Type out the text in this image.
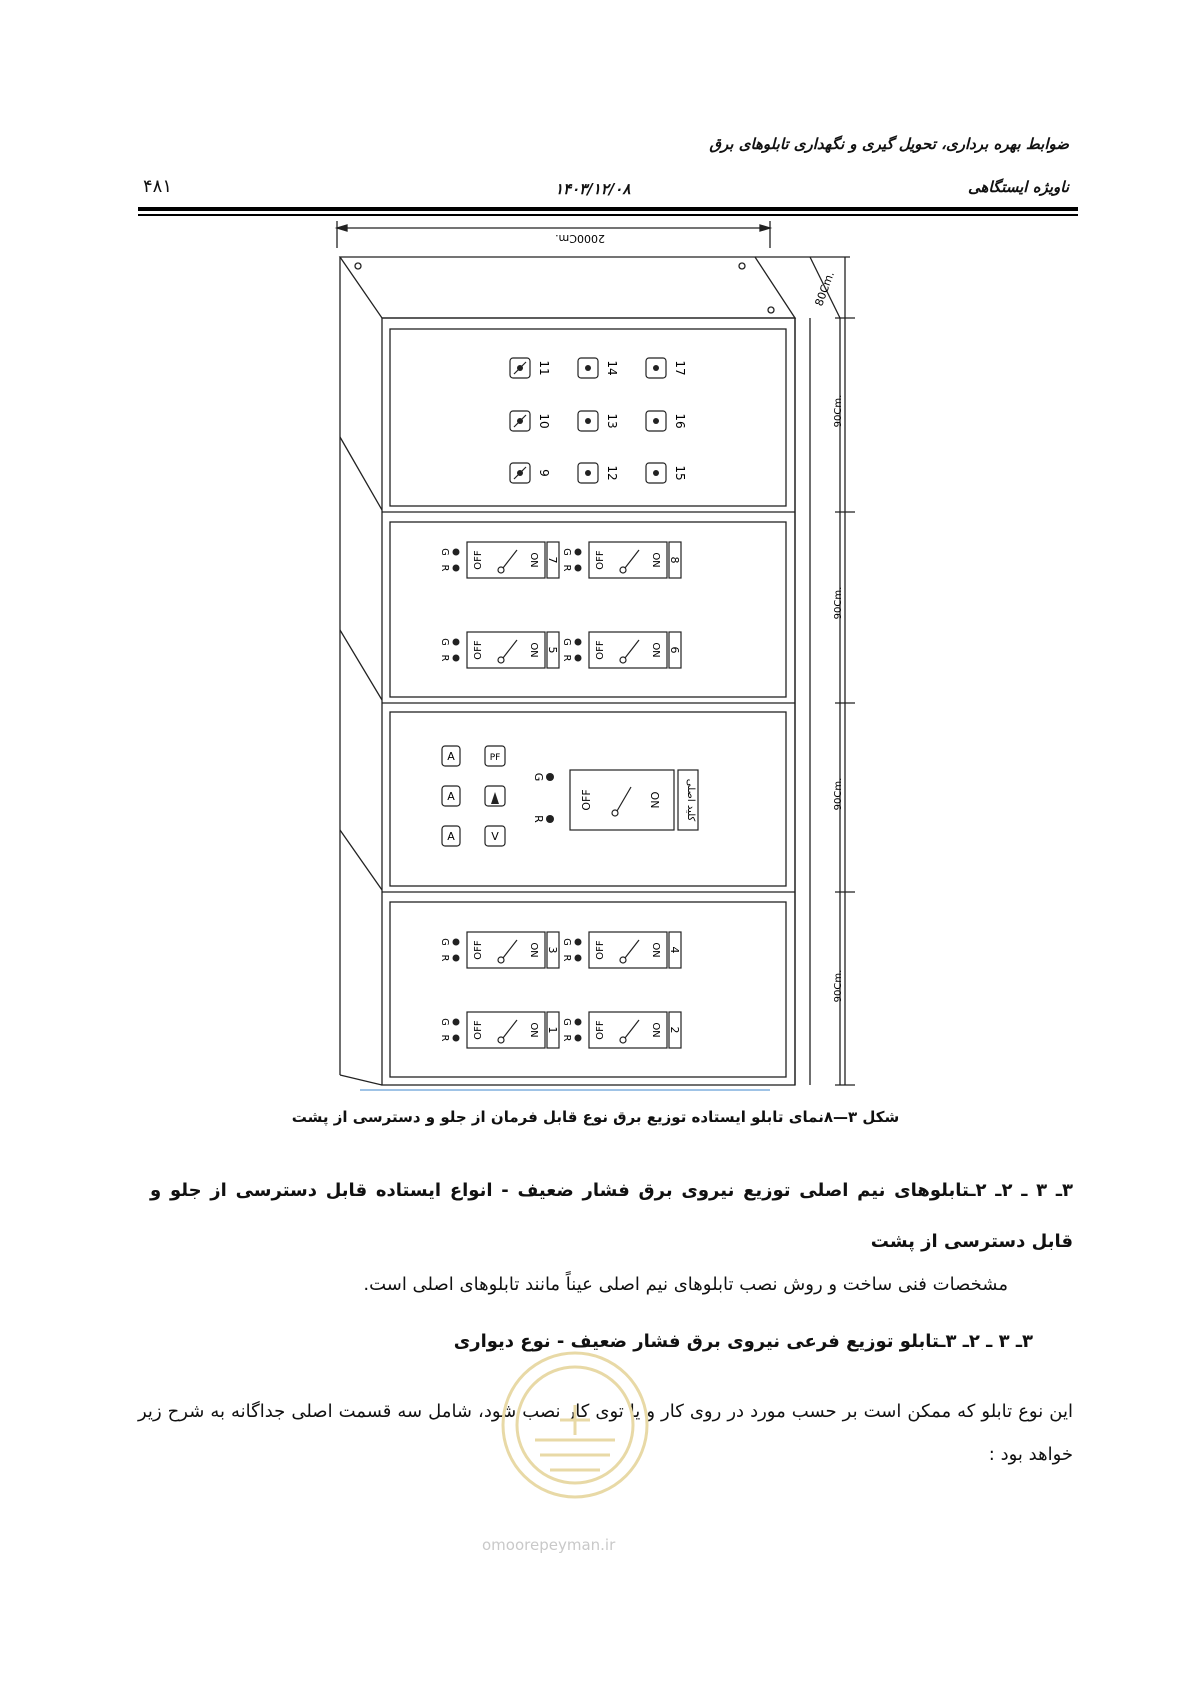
ضوابط بهره برداری، تحویل گیری و نگهداری تابلوهای برق
ناویژه ایستگاهی
۱۴۰۳/۱۲/۰۸
۴۸۱
2000Cm.
80Cm.
90Cm.
90Cm.
90Cm.
90Cm.
11	14	17
10	13	16
9	12	15
OFF	ON
G
R	کلید اصلی
A	PF
A
A	V
G
R OFF	ON 7
G
R OFF	ON 8
G
R OFF	ON 5
G
R OFF	ON 6
G
R OFF	ON 3
G
R OFF	ON 4
G
R OFF	ON 1
G
R OFF	ON 2
شکل ۳—۸نمای تابلو ایستاده توزیع برق نوع قابل فرمان از جلو و دسترسی از پشت
۳ـ ۳ ـ ۲ـ ۲ـتابلوهای نیم اصلی توزیع نیروی برق فشار ضعیف - انواع ایستاده قابل دسترسی از جلو و قابل دسترسی از پشت
مشخصات فنی ساخت و روش نصب تابلوهای نیم اصلی عیناً مانند تابلوهای اصلی است.
۳ـ ۳ ـ ۲ـ ۳ـتابلو توزیع فرعی نیروی برق فشار ضعیف - نوع دیواری
این نوع تابلو که ممکن است بر حسب مورد در روی کار و یا توی کار نصب شود، شامل سه قسمت اصلی جداگانه به شرح زیر خواهد بود :
omoorepeyman.ir
